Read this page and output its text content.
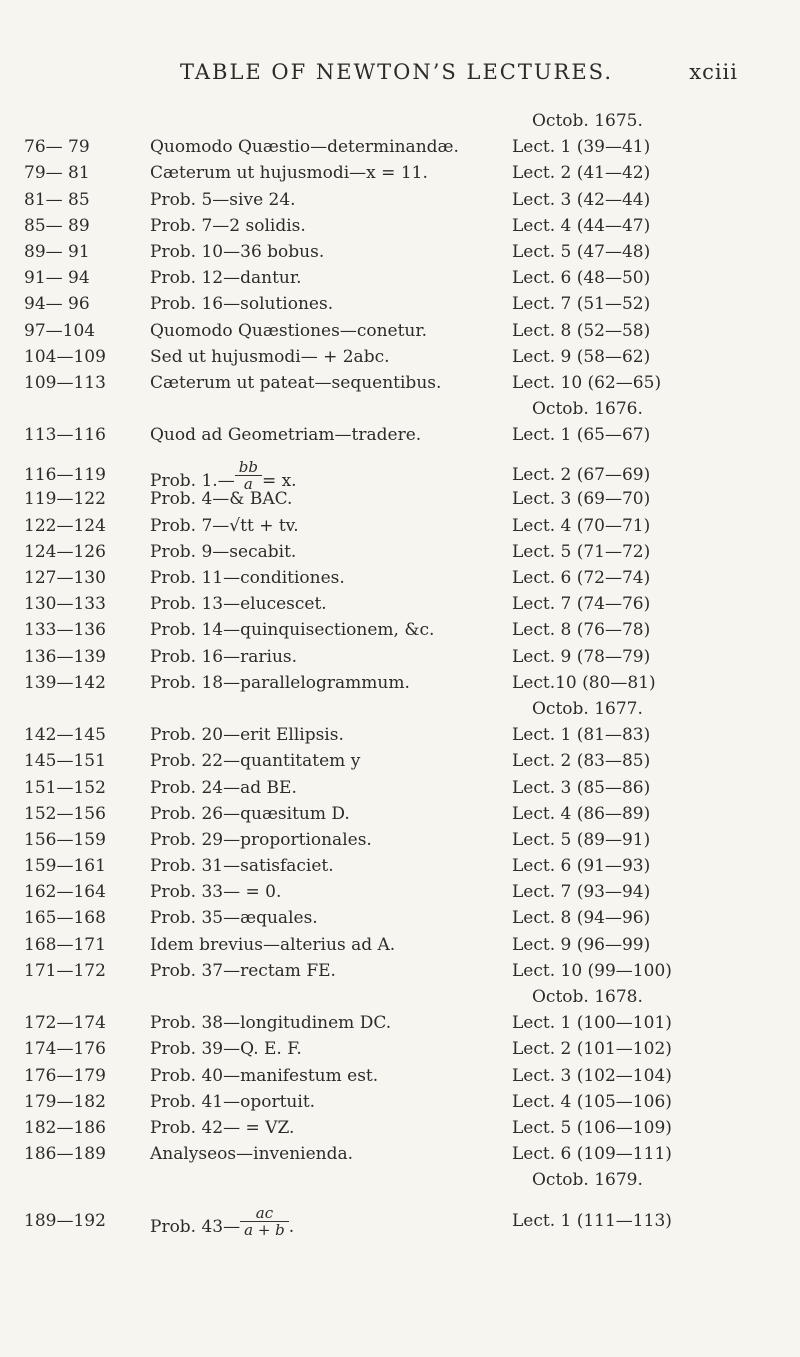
TABLE OF NEWTON’S LECTURES.	xciii
Octob. 1675.
76— 79	Quomodo Quæstio—determinandæ.	Lect. 1 (39—41)
79— 81	Cæterum ut hujusmodi—x = 11.	Lect. 2 (41—42)
81— 85	Prob. 5—sive 24.	Lect. 3 (42—44)
85— 89	Prob. 7—2 solidis.	Lect. 4 (44—47)
89— 91	Prob. 10—36 bobus.	Lect. 5 (47—48)
91— 94	Prob. 12—dantur.	Lect. 6 (48—50)
94— 96	Prob. 16—solutiones.	Lect. 7 (51—52)
97—104	Quomodo Quæstiones—conetur.	Lect. 8 (52—58)
104—109	Sed ut hujusmodi— + 2abc.	Lect. 9 (58—62)
109—113	Cæterum ut pateat—sequentibus.	Lect. 10 (62—65)
Octob. 1676.
113—116	Quod ad Geometriam—tradere.	Lect. 1 (65—67)
116—119	Prob. 1.— $\frac{bb}{a} = x$.	Lect. 2 (67—69)
119—122	Prob. 4—& BAC.	Lect. 3 (69—70)
122—124	Prob. 7—√tt + tv.	Lect. 4 (70—71)
124—126	Prob. 9—secabit.	Lect. 5 (71—72)
127—130	Prob. 11—conditiones.	Lect. 6 (72—74)
130—133	Prob. 13—elucescet.	Lect. 7 (74—76)
133—136	Prob. 14—quinquisectionem, &c.	Lect. 8 (76—78)
136—139	Prob. 16—rarius.	Lect. 9 (78—79)
139—142	Prob. 18—parallelogrammum.	Lect.10 (80—81)
Octob. 1677.
142—145	Prob. 20—erit Ellipsis.	Lect. 1 (81—83)
145—151	Prob. 22—quantitatem y	Lect. 2 (83—85)
151—152	Prob. 24—ad BE.	Lect. 3 (85—86)
152—156	Prob. 26—quæsitum D.	Lect. 4 (86—89)
156—159	Prob. 29—proportionales.	Lect. 5 (89—91)
159—161	Prob. 31—satisfaciet.	Lect. 6 (91—93)
162—164	Prob. 33— = 0.	Lect. 7 (93—94)
165—168	Prob. 35—æquales.	Lect. 8 (94—96)
168—171	Idem brevius—alterius ad A.	Lect. 9 (96—99)
171—172	Prob. 37—rectam FE.	Lect. 10 (99—100)
Octob. 1678.
172—174	Prob. 38—longitudinem DC.	Lect. 1 (100—101)
174—176	Prob. 39—Q. E. F.	Lect. 2 (101—102)
176—179	Prob. 40—manifestum est.	Lect. 3 (102—104)
179—182	Prob. 41—oportuit.	Lect. 4 (105—106)
182—186	Prob. 42— = VZ.	Lect. 5 (106—109)
186—189	Analyseos—invenienda.	Lect. 6 (109—111)
Octob. 1679.
189—192	Prob. 43— $\frac{ac}{a + b}$ .	Lect. 1 (111—113)
